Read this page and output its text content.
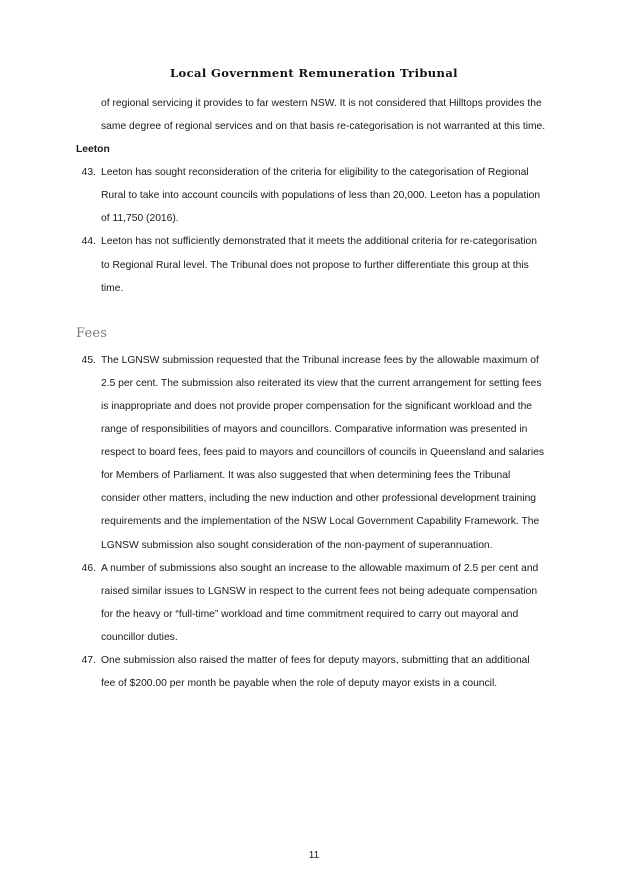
Local Government Remuneration Tribunal

of regional servicing it provides to far western NSW. It is not considered that Hilltops provides the same degree of regional services and on that basis re-categorisation is not warranted at this time.

Leeton

43. Leeton has sought reconsideration of the criteria for eligibility to the categorisation of Regional Rural to take into account councils with populations of less than 20,000. Leeton has a population of 11,750 (2016).
44. Leeton has not sufficiently demonstrated that it meets the additional criteria for re-categorisation to Regional Rural level. The Tribunal does not propose to further differentiate this group at this time.
Fees
45. The LGNSW submission requested that the Tribunal increase fees by the allowable maximum of 2.5 per cent. The submission also reiterated its view that the current arrangement for setting fees is inappropriate and does not provide proper compensation for the significant workload and the range of responsibilities of mayors and councillors. Comparative information was presented in respect to board fees, fees paid to mayors and councillors of councils in Queensland and salaries for Members of Parliament. It was also suggested that when determining fees the Tribunal consider other matters, including the new induction and other professional development training requirements and the implementation of the NSW Local Government Capability Framework. The LGNSW submission also sought consideration of the non-payment of superannuation.
46. A number of submissions also sought an increase to the allowable maximum of 2.5 per cent and raised similar issues to LGNSW in respect to the current fees not being adequate compensation for the heavy or “full-time” workload and time commitment required to carry out mayoral and councillor duties.
47. One submission also raised the matter of fees for deputy mayors, submitting that an additional fee of $200.00 per month be payable when the role of deputy mayor exists in a council.
11
